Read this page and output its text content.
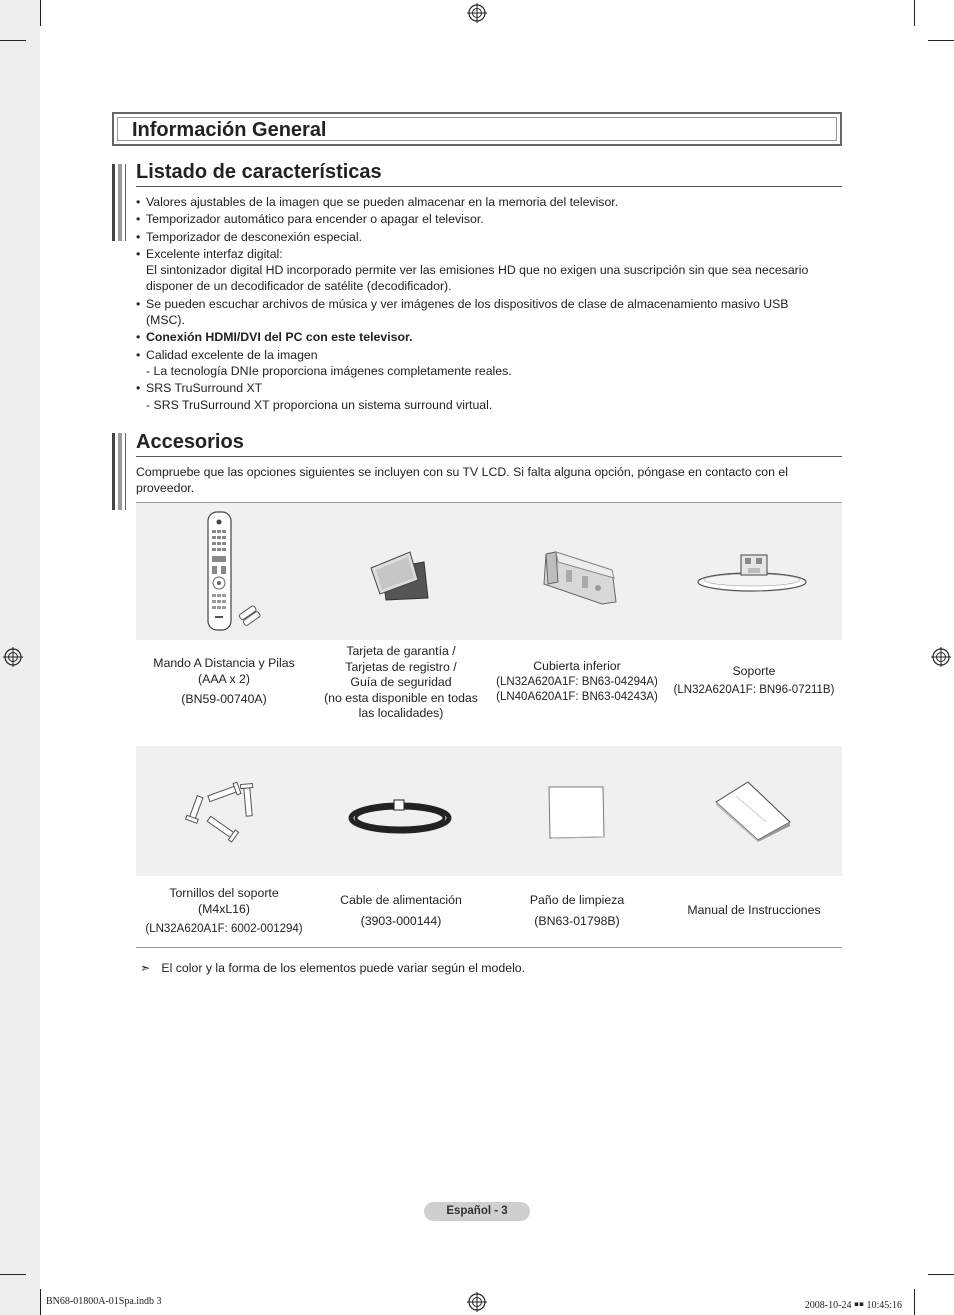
Información General
Listado de características
• Valores ajustables de la imagen que se pueden almacenar en la memoria del televisor.
• Temporizador automático para encender o apagar el televisor.
• Temporizador de desconexión especial.
• Excelente interfaz digital:
El sintonizador digital HD incorporado permite ver las emisiones HD que no exigen una suscripción sin que sea necesario
disponer de un decodificador de satélite (decodificador).
• Se pueden escuchar archivos de música y ver imágenes de los dispositivos de clase de almacenamiento masivo USB
(MSC).
• Conexión HDMI/DVI del PC con este televisor.
• Calidad excelente de la imagen
- La tecnología DNIe proporciona imágenes completamente reales.
• SRS TruSurround XT
- SRS TruSurround XT proporciona un sistema surround virtual.
Accesorios
Compruebe que las opciones siguientes se incluyen con su TV LCD. Si falta alguna opción, póngase en contacto con el proveedor.
Mando A Distancia y Pilas
(AAA x 2)
(BN59-00740A)
Tarjeta de garantía /
Tarjetas de registro /
Guía de seguridad
(no esta disponible en todas
las localidades)
Cubierta inferior
(LN32A620A1F: BN63-04294A)
(LN40A620A1F: BN63-04243A)
Soporte
(LN32A620A1F: BN96-07211B)
Tornillos del soporte
(M4xL16)
(LN32A620A1F: 6002-001294)
Cable de alimentación
(3903-000144)
Paño de limpieza
(BN63-01798B)
Manual de Instrucciones
➣ El color y la forma de los elementos puede variar según el modelo.
Español - 3
BN68-01800A-01Spa.indb 3	2008-10-24 ￭￭ 10:45:16
